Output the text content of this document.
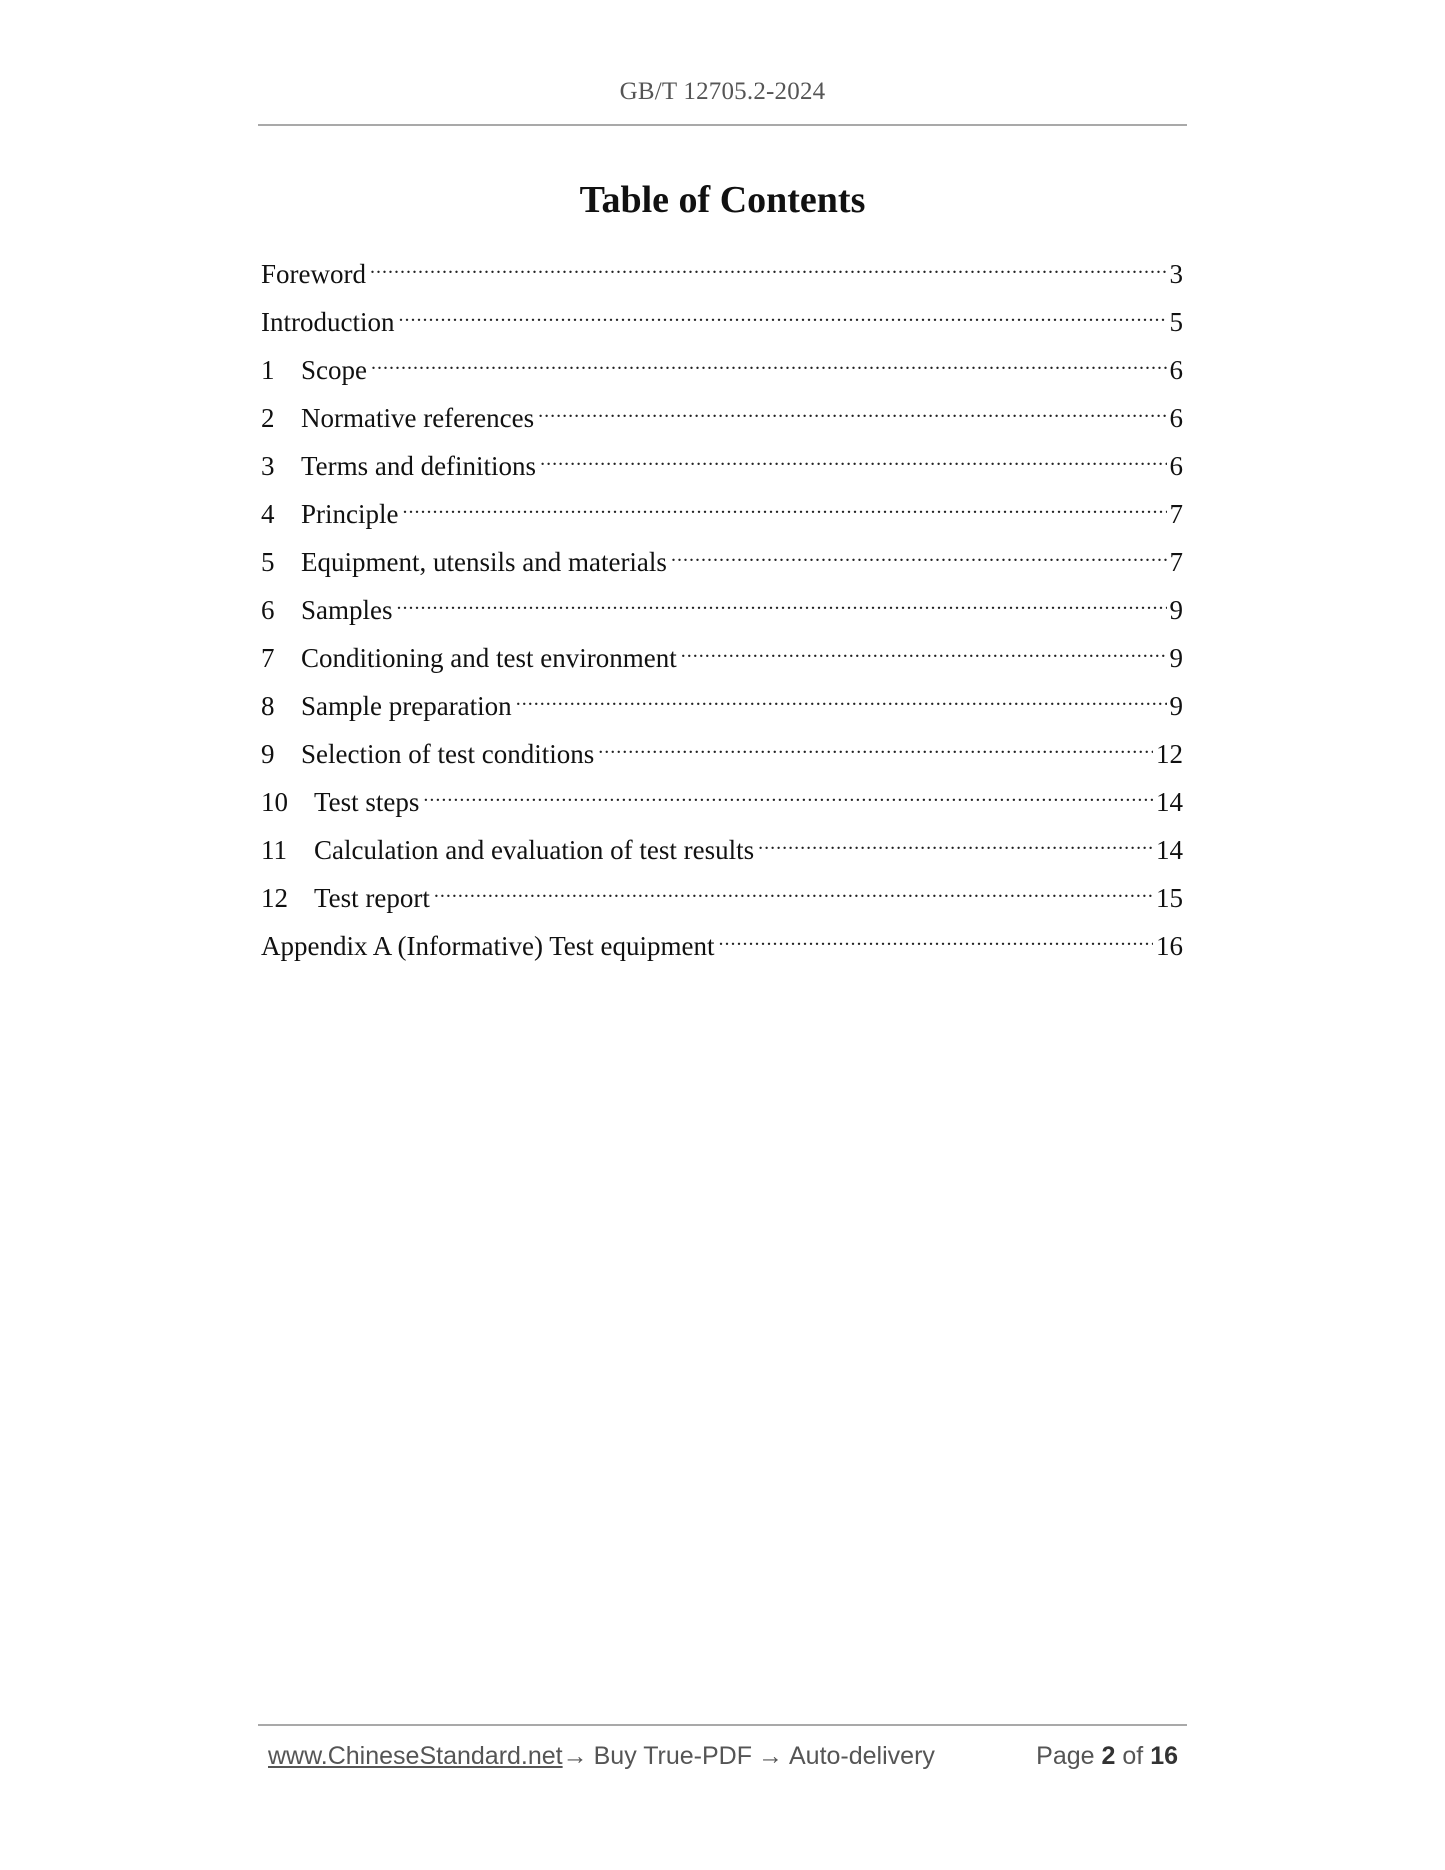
GB/T 12705.2-2024
Table of Contents
Foreword .....	3
Introduction .....	5
1 Scope .....	6
2 Normative references .....	6
3 Terms and definitions .....	6
4 Principle .....	7
5 Equipment, utensils and materials .....	7
6 Samples .....	9
7 Conditioning and test environment .....	9
8 Sample preparation .....	9
9 Selection of test conditions .....	12
10 Test steps .....	14
11	Calculation and evaluation of test results .....	14
12 Test report .....	15
Appendix A (Informative) Test equipment .....	16
www.ChineseStandard.net → Buy True-PDF → Auto-delivery	Page 2 of 16
